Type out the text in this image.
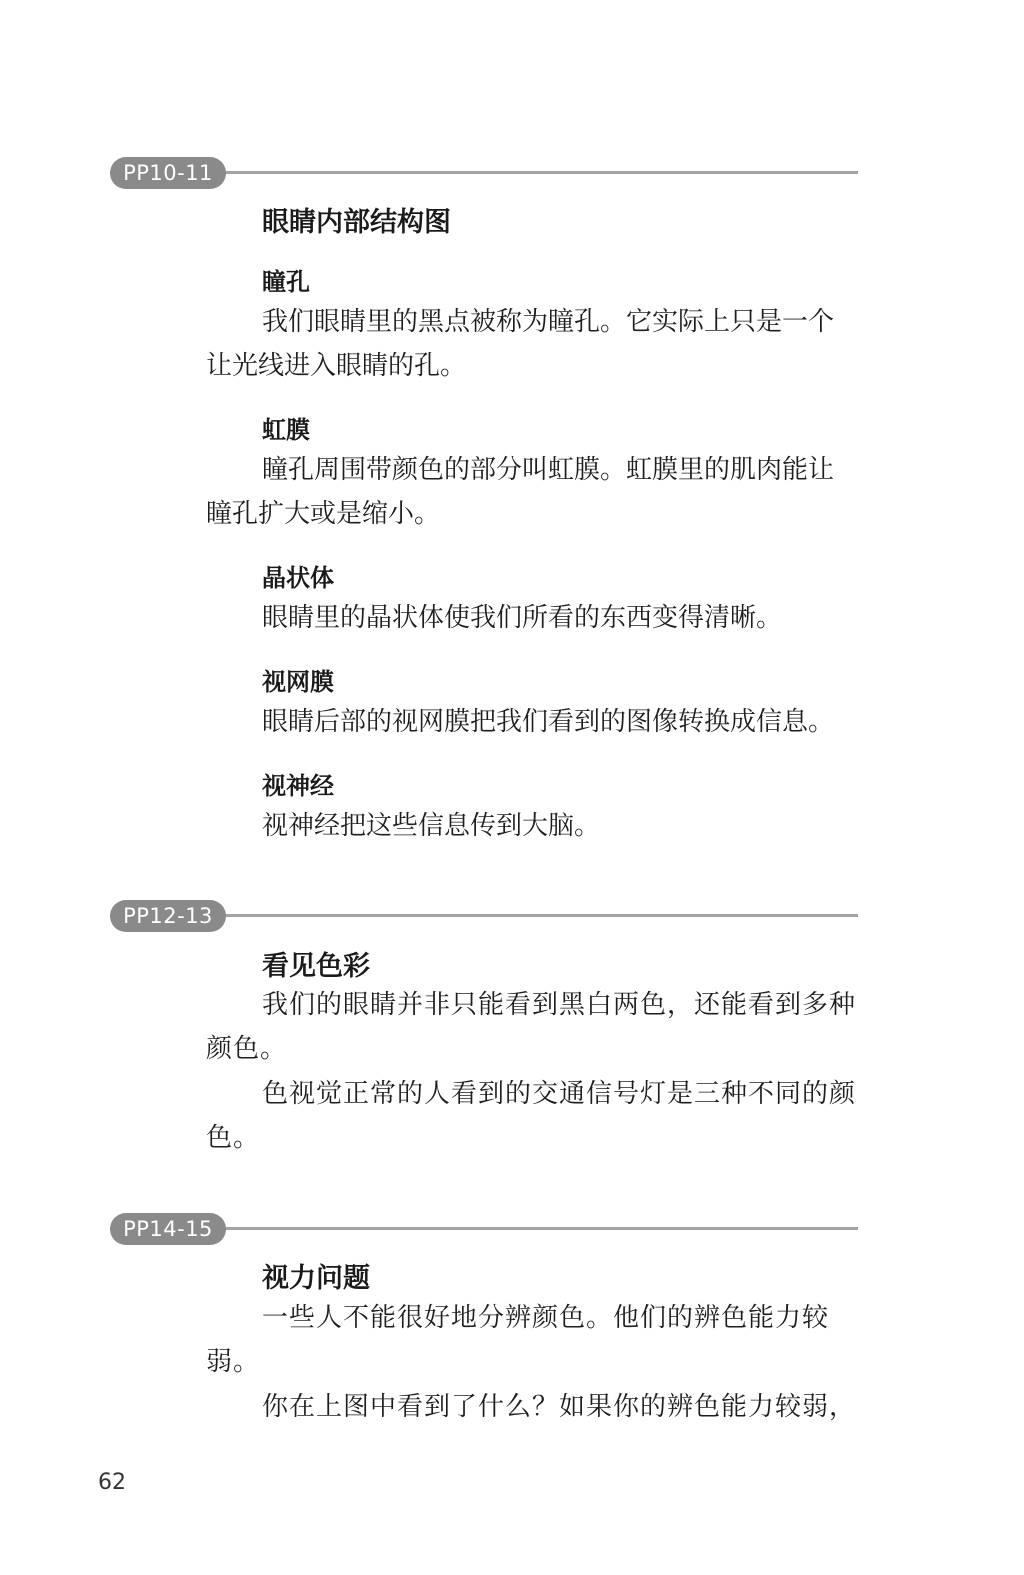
PP10-11
眼睛内部结构图
瞳孔

我们眼睛里的黑点被称为瞳孔。它实际上只是一个让光线进入眼睛的孔。

虹膜

瞳孔周围带颜色的部分叫虹膜。虹膜里的肌肉能让瞳孔扩大或是缩小。

晶状体

眼睛里的晶状体使我们所看的东西变得清晰。

视网膜

眼睛后部的视网膜把我们看到的图像转换成信息。

视神经

视神经把这些信息传到大脑。

PP12-13
看见色彩

我们的眼睛并非只能看到黑白两色，还能看到多种颜色。

色视觉正常的人看到的交通信号灯是三种不同的颜色。

PP14-15
视力问题

一些人不能很好地分辨颜色。他们的辨色能力较弱。

你在上图中看到了什么？如果你的辨色能力较弱，

62
